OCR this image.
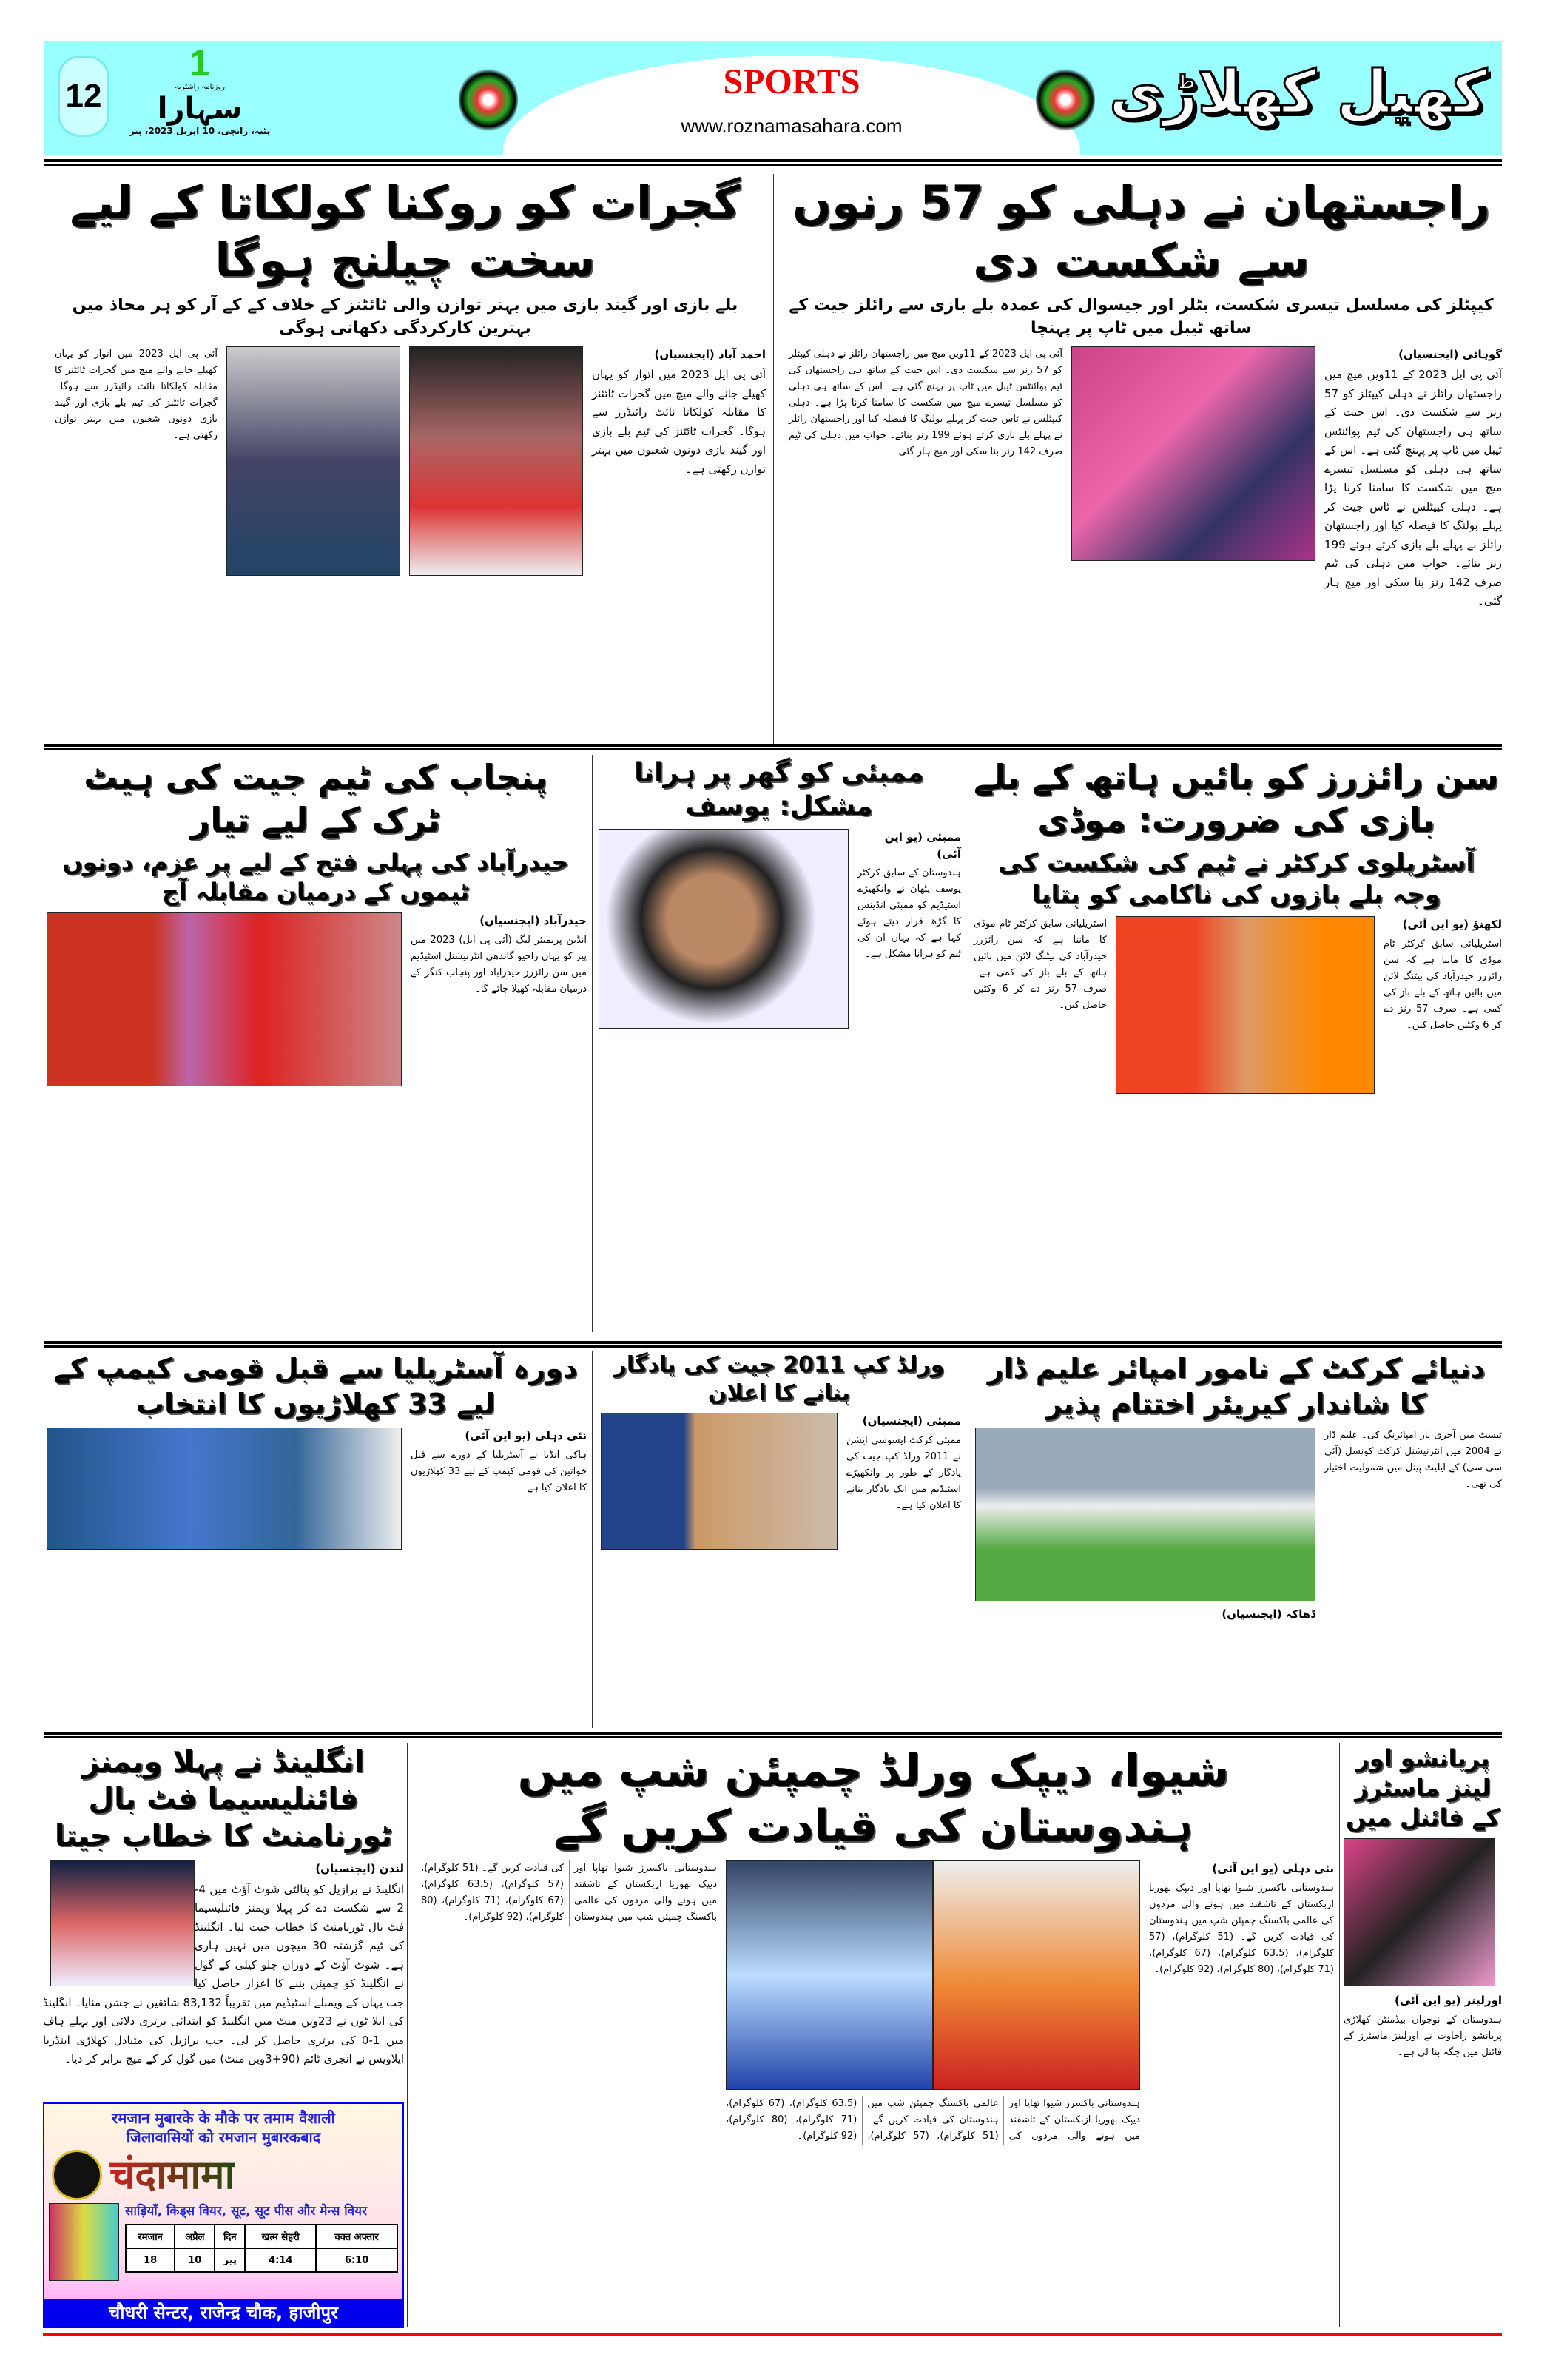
12
1
روزنامہ راشٹریہ
سہارا
پٹنہ، رانچی، 10 اپریل 2023، پیر
SPORTS
www.roznamasahara.com	کھیل کھلاڑی
راجستھان نے دہلی کو 57 رنوں سے شکست دی
کیپٹلز کی مسلسل تیسری شکست، بٹلر اور جیسوال کی عمدہ بلے بازی سے رائلز جیت کے ساتھ ٹیبل میں ٹاپ پر پہنچا
گوہاٹی (ایجنسیاں)
آئی پی ایل 2023 کے 11ویں میچ میں راجستھان رائلز نے دہلی کیپٹلز کو 57 رنز سے شکست دی۔ اس جیت کے ساتھ ہی راجستھان کی ٹیم پوائنٹس ٹیبل میں ٹاپ پر پہنچ گئی ہے۔ اس کے ساتھ ہی دہلی کو مسلسل تیسرے میچ میں شکست کا سامنا کرنا پڑا ہے۔ دہلی کیپٹلس نے ٹاس جیت کر پہلے بولنگ کا فیصلہ کیا اور راجستھان رائلز نے پہلے بلے بازی کرتے ہوئے 199 رنز بنائے۔ جواب میں دہلی کی ٹیم صرف 142 رنز بنا سکی اور میچ ہار گئی۔
آئی پی ایل 2023 کے 11ویں میچ میں راجستھان رائلز نے دہلی کیپٹلز کو 57 رنز سے شکست دی۔ اس جیت کے ساتھ ہی راجستھان کی ٹیم پوائنٹس ٹیبل میں ٹاپ پر پہنچ گئی ہے۔ اس کے ساتھ ہی دہلی کو مسلسل تیسرے میچ میں شکست کا سامنا کرنا پڑا ہے۔ دہلی کیپٹلس نے ٹاس جیت کر پہلے بولنگ کا فیصلہ کیا اور راجستھان رائلز نے پہلے بلے بازی کرتے ہوئے 199 رنز بنائے۔ جواب میں دہلی کی ٹیم صرف 142 رنز بنا سکی اور میچ ہار گئی۔
گجرات کو روکنا کولکاتا کے لیے سخت چیلنج ہوگا
بلے بازی اور گیند بازی میں بہتر توازن والی ٹائٹنز کے خلاف کے کے آر کو ہر محاذ میں بہترین کارکردگی دکھانی ہوگی
احمد آباد (ایجنسیاں)
آئی پی ایل 2023 میں اتوار کو یہاں کھیلے جانے والے میچ میں گجرات ٹائٹنز کا مقابلہ کولکاتا نائٹ رائیڈرز سے ہوگا۔ گجرات ٹائٹنز کی ٹیم بلے بازی اور گیند بازی دونوں شعبوں میں بہتر توازن رکھتی ہے۔
آئی پی ایل 2023 میں اتوار کو یہاں کھیلے جانے والے میچ میں گجرات ٹائٹنز کا مقابلہ کولکاتا نائٹ رائیڈرز سے ہوگا۔ گجرات ٹائٹنز کی ٹیم بلے بازی اور گیند بازی دونوں شعبوں میں بہتر توازن رکھتی ہے۔
سن رائزرز کو بائیں ہاتھ کے بلے بازی کی ضرورت: موڈی
آسٹریلوی کرکٹر نے ٹیم کی شکست کی وجہ بلے بازوں کی ناکامی کو بتایا
لکھنؤ (یو این آئی)
آسٹریلیائی سابق کرکٹر ٹام موڈی کا ماننا ہے کہ سن رائزرز حیدرآباد کی بیٹنگ لائن میں بائیں ہاتھ کے بلے باز کی کمی ہے۔ صرف 57 رنز دے کر 6 وکٹیں حاصل کیں۔
آسٹریلیائی سابق کرکٹر ٹام موڈی کا ماننا ہے کہ سن رائزرز حیدرآباد کی بیٹنگ لائن میں بائیں ہاتھ کے بلے باز کی کمی ہے۔ صرف 57 رنز دے کر 6 وکٹیں حاصل کیں۔
ممبئی کو گھر پر ہرانا مشکل: یوسف
ممبئی (یو این آئی)
ہندوستان کے سابق کرکٹر یوسف پٹھان نے وانکھیڑے اسٹیڈیم کو ممبئی انڈینس کا گڑھ قرار دیتے ہوئے کہا ہے کہ یہاں ان کی ٹیم کو ہرانا مشکل ہے۔
پنجاب کی ٹیم جیت کی ہیٹ ٹرک کے لیے تیار
حیدرآباد کی پہلی فتح کے لیے پر عزم، دونوں ٹیموں کے درمیان مقابلہ آج
حیدرآباد (ایجنسیاں)
انڈین پریمیئر لیگ (آئی پی ایل) 2023 میں پیر کو یہاں راجیو گاندھی انٹرنیشنل اسٹیڈیم میں سن رائزرز حیدرآباد اور پنجاب کنگز کے درمیان مقابلہ کھیلا جائے گا۔
دنیائے کرکٹ کے نامور امپائر علیم ڈار کا شاندار کیریئر اختتام پذیر
ٹیسٹ میں آخری بار امپائرنگ کی۔ علیم ڈار نے 2004 میں انٹرنیشنل کرکٹ کونسل (آئی سی سی) کے ایلیٹ پینل میں شمولیت اختیار کی تھی۔
ڈھاکہ (ایجنسیاں)
ورلڈ کپ 2011 جیت کی یادگار بنانے کا اعلان
ممبئی (ایجنسیاں)
ممبئی کرکٹ ایسوسی ایشن نے 2011 ورلڈ کپ جیت کی یادگار کے طور پر وانکھیڑے اسٹیڈیم میں ایک یادگار بنانے کا اعلان کیا ہے۔
دورہ آسٹریلیا سے قبل قومی کیمپ کے لیے 33 کھلاڑیوں کا انتخاب
نئی دہلی (یو این آئی)
ہاکی انڈیا نے آسٹریلیا کے دورے سے قبل خواتین کی قومی کیمپ کے لیے 33 کھلاڑیوں کا اعلان کیا ہے۔
پریانشو اور لینز ماسٹرز کے فائنل میں
اورلینز (یو این آئی)
ہندوستان کے نوجوان بیڈمنٹن کھلاڑی پریانشو راجاوت نے اورلینز ماسٹرز کے فائنل میں جگہ بنا لی ہے۔
شیوا، دیپک ورلڈ چمپئن شپ میں ہندوستان کی قیادت کریں گے
نئی دہلی (یو این آئی)
ہندوستانی باکسرز شیوا تھاپا اور دیپک بھوریا ازبکستان کے تاشقند میں ہونے والی مردوں کی عالمی باکسنگ چمپئن شپ میں ہندوستان کی قیادت کریں گے۔ (51 کلوگرام)، (57 کلوگرام)، (63.5 کلوگرام)، (67 کلوگرام)، (71 کلوگرام)، (80 کلوگرام)، (92 کلوگرام)۔
ہندوستانی باکسرز شیوا تھاپا اور دیپک بھوریا ازبکستان کے تاشقند میں ہونے والی مردوں کی عالمی باکسنگ چمپئن شپ میں ہندوستان کی قیادت کریں گے۔ (51 کلوگرام)، (57 کلوگرام)، (63.5 کلوگرام)، (67 کلوگرام)، (71 کلوگرام)، (80 کلوگرام)، (92 کلوگرام)۔
ہندوستانی باکسرز شیوا تھاپا اور دیپک بھوریا ازبکستان کے تاشقند میں ہونے والی مردوں کی عالمی باکسنگ چمپئن شپ میں ہندوستان کی قیادت کریں گے۔ (51 کلوگرام)، (57 کلوگرام)، (63.5 کلوگرام)، (67 کلوگرام)، (71 کلوگرام)، (80 کلوگرام)، (92 کلوگرام)۔
انگلینڈ نے پہلا ویمنز فائنلیسیما فٹ بال ٹورنامنٹ کا خطاب جیتا
لندن (ایجنسیاں)
انگلینڈ نے برازیل کو پنالٹی شوٹ آؤٹ میں 4-2 سے شکست دے کر پہلا ویمنز فائنلیسیما فٹ بال ٹورنامنٹ کا خطاب جیت لیا۔ انگلینڈ کی ٹیم گزشتہ 30 میچوں میں نہیں ہاری ہے۔ شوٹ آؤٹ کے دوران چلو کیلی کے گول نے انگلینڈ کو چمپئن بننے کا اعزاز حاصل کیا جب یہاں کے ویمبلے اسٹیڈیم میں تقریباً 83,132 شائقین نے جشن منایا۔ انگلینڈ کی ایلا ٹون نے 23ویں منٹ میں انگلینڈ کو ابتدائی برتری دلائی اور پہلے ہاف میں 1-0 کی برتری حاصل کر لی۔ جب برازیل کی متبادل کھلاڑی اینڈریا ایلاویس نے انجری ٹائم (90+3ویں منٹ) میں گول کر کے میچ برابر کر دیا۔
रमजान मुबारके के मौके पर तमाम वैशाली
जिलावासियों को रमजान मुबारकबाद
चंदामामा
साड़ियाँ, किड्स वियर, सूट, सूट पीस और मेन्स वियर
रमजान	अप्रैल	दिन	खत्म सेहरी	वक्त अफ्तार
18	10	پیر	4:14	6:10
चौधरी सेन्टर, राजेन्द्र चौक, हाजीपुर
